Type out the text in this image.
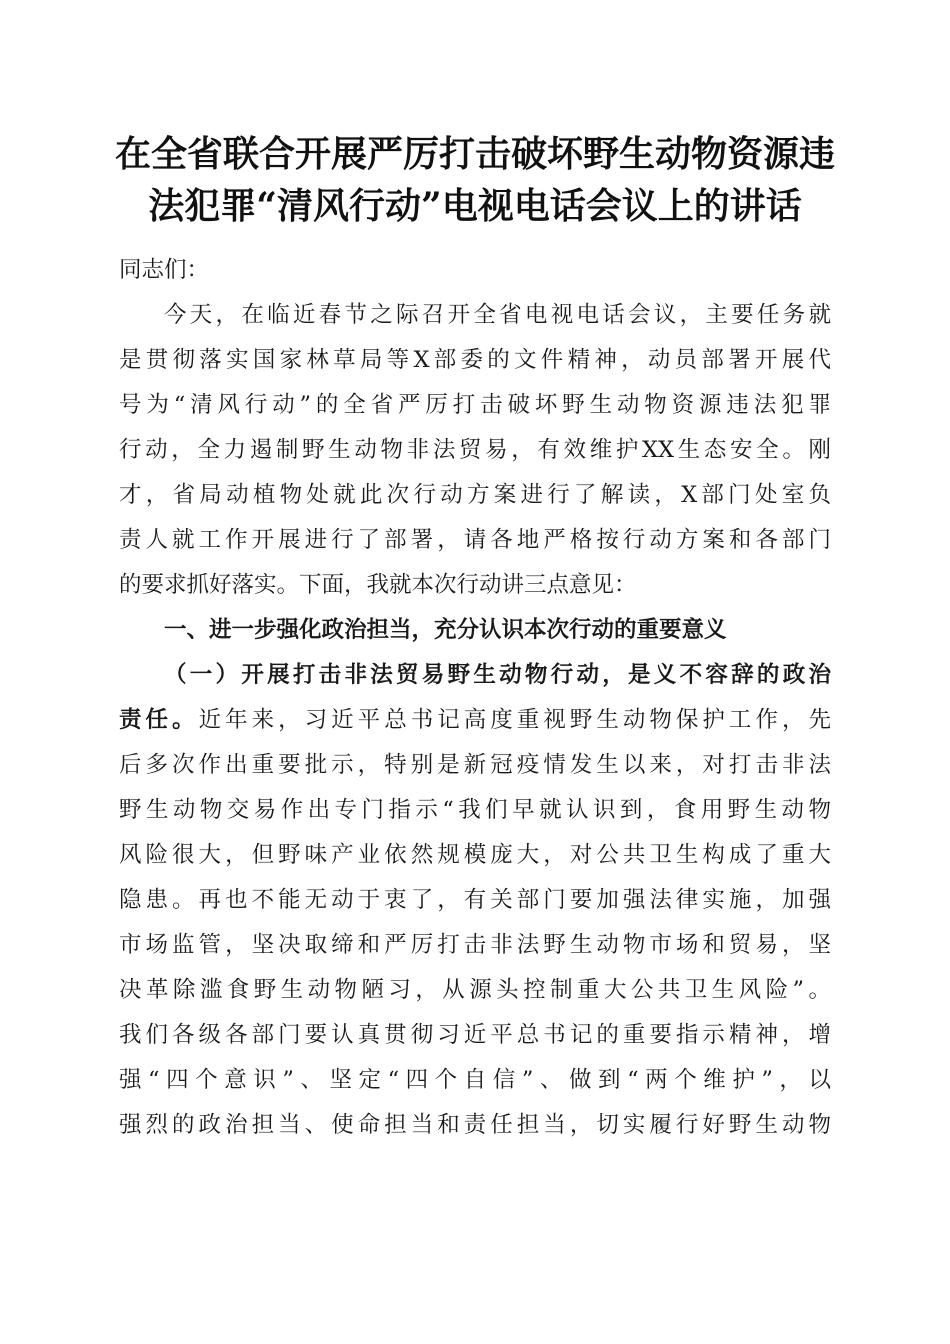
在全省联合开展严厉打击破坏野生动物资源违
法犯罪“清风行动”电视电话会议上的讲话
同志们：
今天，在临近春节之际召开全省电视电话会议，主要任务就
是贯彻落实国家林草局等X部委的文件精神，动员部署开展代
号为“清风行动”的全省严厉打击破坏野生动物资源违法犯罪
行动，全力遏制野生动物非法贸易，有效维护XX生态安全。刚
才，省局动植物处就此次行动方案进行了解读，X部门处室负
责人就工作开展进行了部署，请各地严格按行动方案和各部门
的要求抓好落实。下面，我就本次行动讲三点意见：
一、进一步强化政治担当，充分认识本次行动的重要意义
（一）开展打击非法贸易野生动物行动，是义不容辞的政治
责任。近年来，习近平总书记高度重视野生动物保护工作，先
后多次作出重要批示，特别是新冠疫情发生以来，对打击非法
野生动物交易作出专门指示“我们早就认识到，食用野生动物
风险很大，但野味产业依然规模庞大，对公共卫生构成了重大
隐患。再也不能无动于衷了，有关部门要加强法律实施，加强
市场监管，坚决取缔和严厉打击非法野生动物市场和贸易，坚
决革除滥食野生动物陋习，从源头控制重大公共卫生风险”。
我们各级各部门要认真贯彻习近平总书记的重要指示精神，增
强“四个意识”、坚定“四个自信”、做到“两个维护”，以
强烈的政治担当、使命担当和责任担当，切实履行好野生动物
